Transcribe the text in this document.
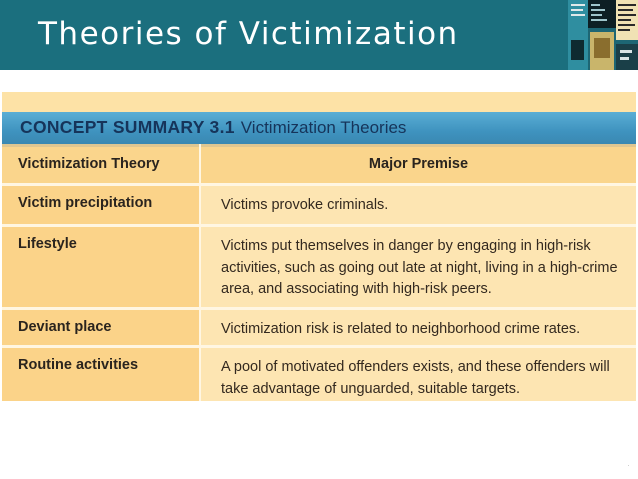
Theories of Victimization
CONCEPT SUMMARY 3.1 Victimization Theories
Victimization Theory	Major Premise
Victim precipitation	Victims provoke criminals.
Lifestyle	Victims put themselves in danger by engaging in high-risk activities, such as going out late at night, living in a high-crime area, and associating with high-risk peers.
Deviant place	Victimization risk is related to neighborhood crime rates.
Routine activities	A pool of motivated offenders exists, and these offenders will take advantage of unguarded, suitable targets.
.
